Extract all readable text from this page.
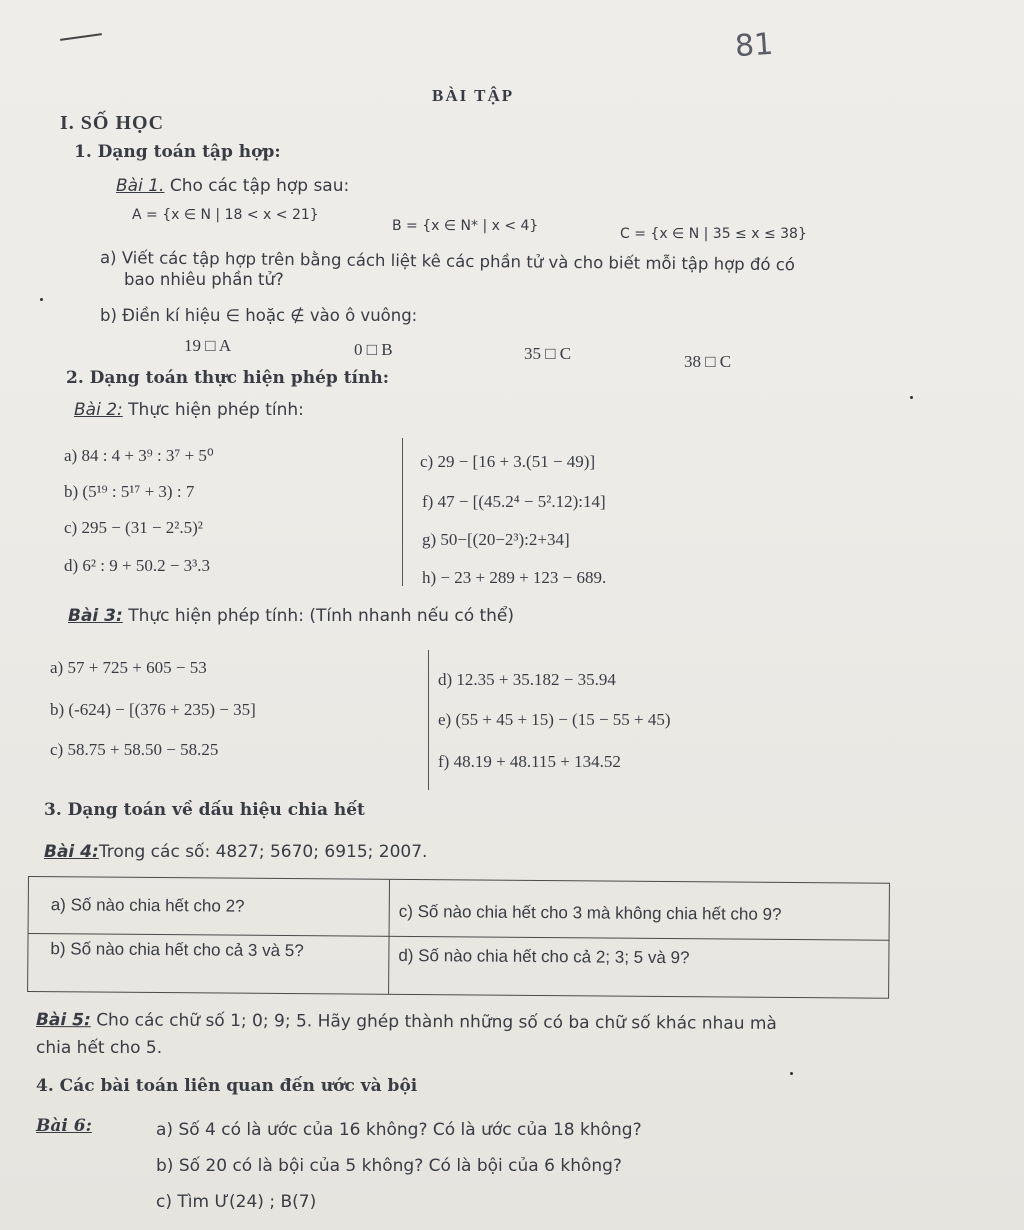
81
BÀI TẬP
I. SỐ HỌC
1. Dạng toán tập hợp:
Bài 1. Cho các tập hợp sau:
A = {x ∈ N | 18 < x < 21}
B = {x ∈ N* | x < 4}	C = {x ∈ N | 35 ≤ x ≤ 38}
a) Viết các tập hợp trên bằng cách liệt kê các phần tử và cho biết mỗi tập hợp đó có
bao nhiêu phần tử?
b) Điền kí hiệu ∈ hoặc ∉ vào ô vuông:
19 □ A	0 □ B	35 □ C	38 □ C
2. Dạng toán thực hiện phép tính:
Bài 2: Thực hiện phép tính:
a) 84 : 4 + 3⁹ : 3⁷ + 5⁰
b) (5¹⁹ : 5¹⁷ + 3) : 7
c) 295 − (31 − 2².5)²
d) 6² : 9 + 50.2 − 3³.3
c) 29 − [16 + 3.(51 − 49)]
f) 47 − [(45.2⁴ − 5².12):14]
g) 50−[(20−2³):2+34]
h) − 23 + 289 + 123 − 689.
Bài 3: Thực hiện phép tính: (Tính nhanh nếu có thể)
a) 57 + 725 + 605 − 53
b) (-624) − [(376 + 235) − 35]
c) 58.75 + 58.50 − 58.25
d) 12.35 + 35.182 − 35.94
e) (55 + 45 + 15) − (15 − 55 + 45)
f) 48.19 + 48.115 + 134.52
3. Dạng toán về dấu hiệu chia hết
Bài 4:Trong các số: 4827; 5670; 6915; 2007.
a) Số nào chia hết cho 2?	c) Số nào chia hết cho 3 mà không chia hết cho 9?
b) Số nào chia hết cho cả 3 và 5?	d) Số nào chia hết cho cả 2; 3; 5 và 9?
Bài 5: Cho các chữ số 1; 0; 9; 5. Hãy ghép thành những số có ba chữ số khác nhau mà
chia hết cho 5.
4. Các bài toán liên quan đến ước và bội
Bài 6:	a) Số 4 có là ước của 16 không? Có là ước của 18 không?
b) Số 20 có là bội của 5 không? Có là bội của 6 không?
c) Tìm Ư(24) ; B(7)
